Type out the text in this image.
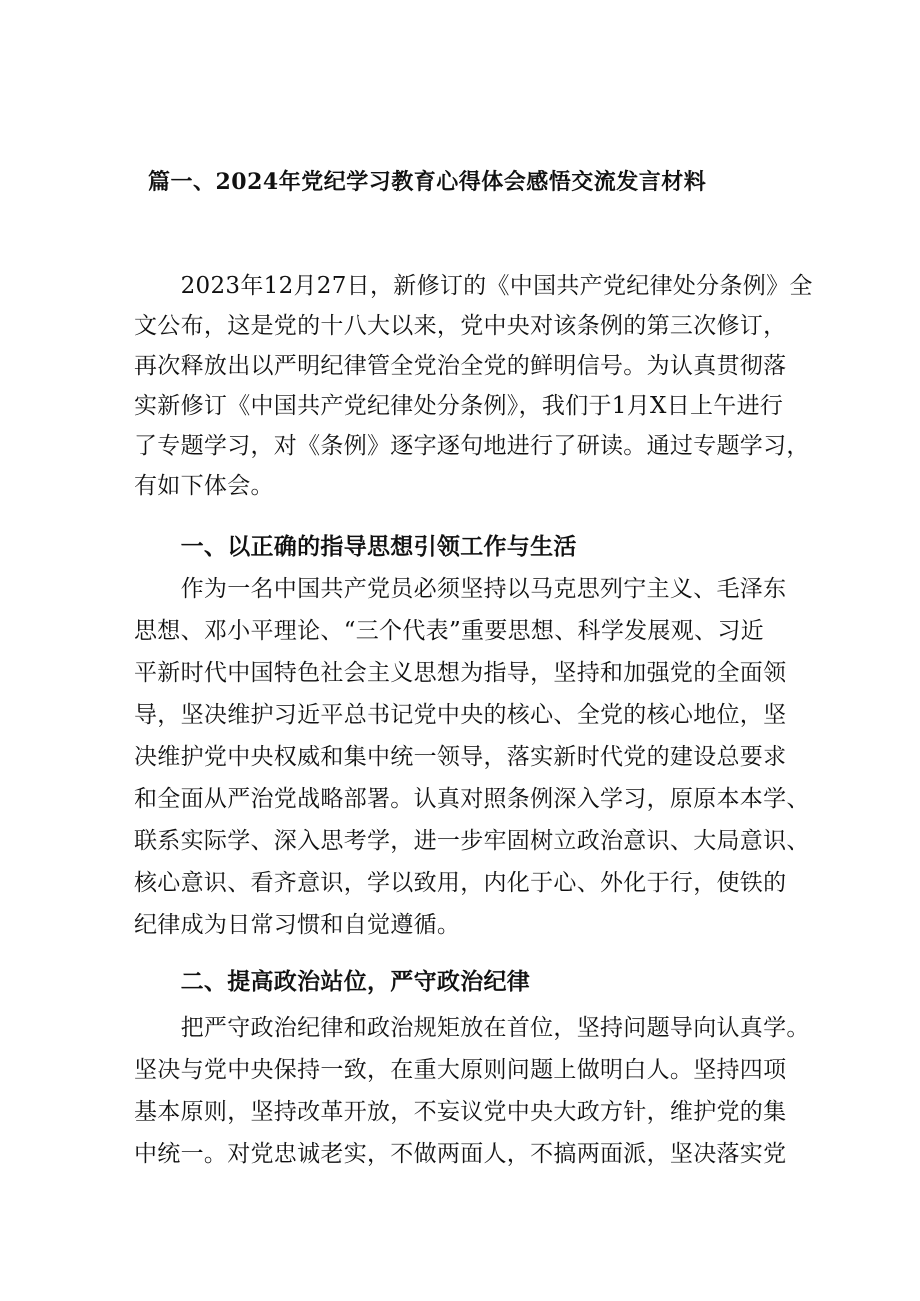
篇一、2024年党纪学习教育心得体会感悟交流发言材料
　　2023年12月27日，新修订的《中国共产党纪律处分条例》全
文公布，这是党的十八大以来，党中央对该条例的第三次修订，
再次释放出以严明纪律管全党治全党的鲜明信号。为认真贯彻落
实新修订《中国共产党纪律处分条例》，我们于1月X日上午进行
了专题学习，对《条例》逐字逐句地进行了研读。通过专题学习，
有如下体会。
　　一、以正确的指导思想引领工作与生活
　　作为一名中国共产党员必须坚持以马克思列宁主义、毛泽东
思想、邓小平理论、“三个代表”重要思想、科学发展观、习近
平新时代中国特色社会主义思想为指导，坚持和加强党的全面领
导，坚决维护习近平总书记党中央的核心、全党的核心地位，坚
决维护党中央权威和集中统一领导，落实新时代党的建设总要求
和全面从严治党战略部署。认真对照条例深入学习，原原本本学、
联系实际学、深入思考学，进一步牢固树立政治意识、大局意识、
核心意识、看齐意识，学以致用，内化于心、外化于行，使铁的
纪律成为日常习惯和自觉遵循。
　　二、提高政治站位，严守政治纪律
　　把严守政治纪律和政治规矩放在首位，坚持问题导向认真学。
坚决与党中央保持一致，在重大原则问题上做明白人。坚持四项
基本原则，坚持改革开放，不妄议党中央大政方针，维护党的集
中统一。对党忠诚老实，不做两面人，不搞两面派，坚决落实党
